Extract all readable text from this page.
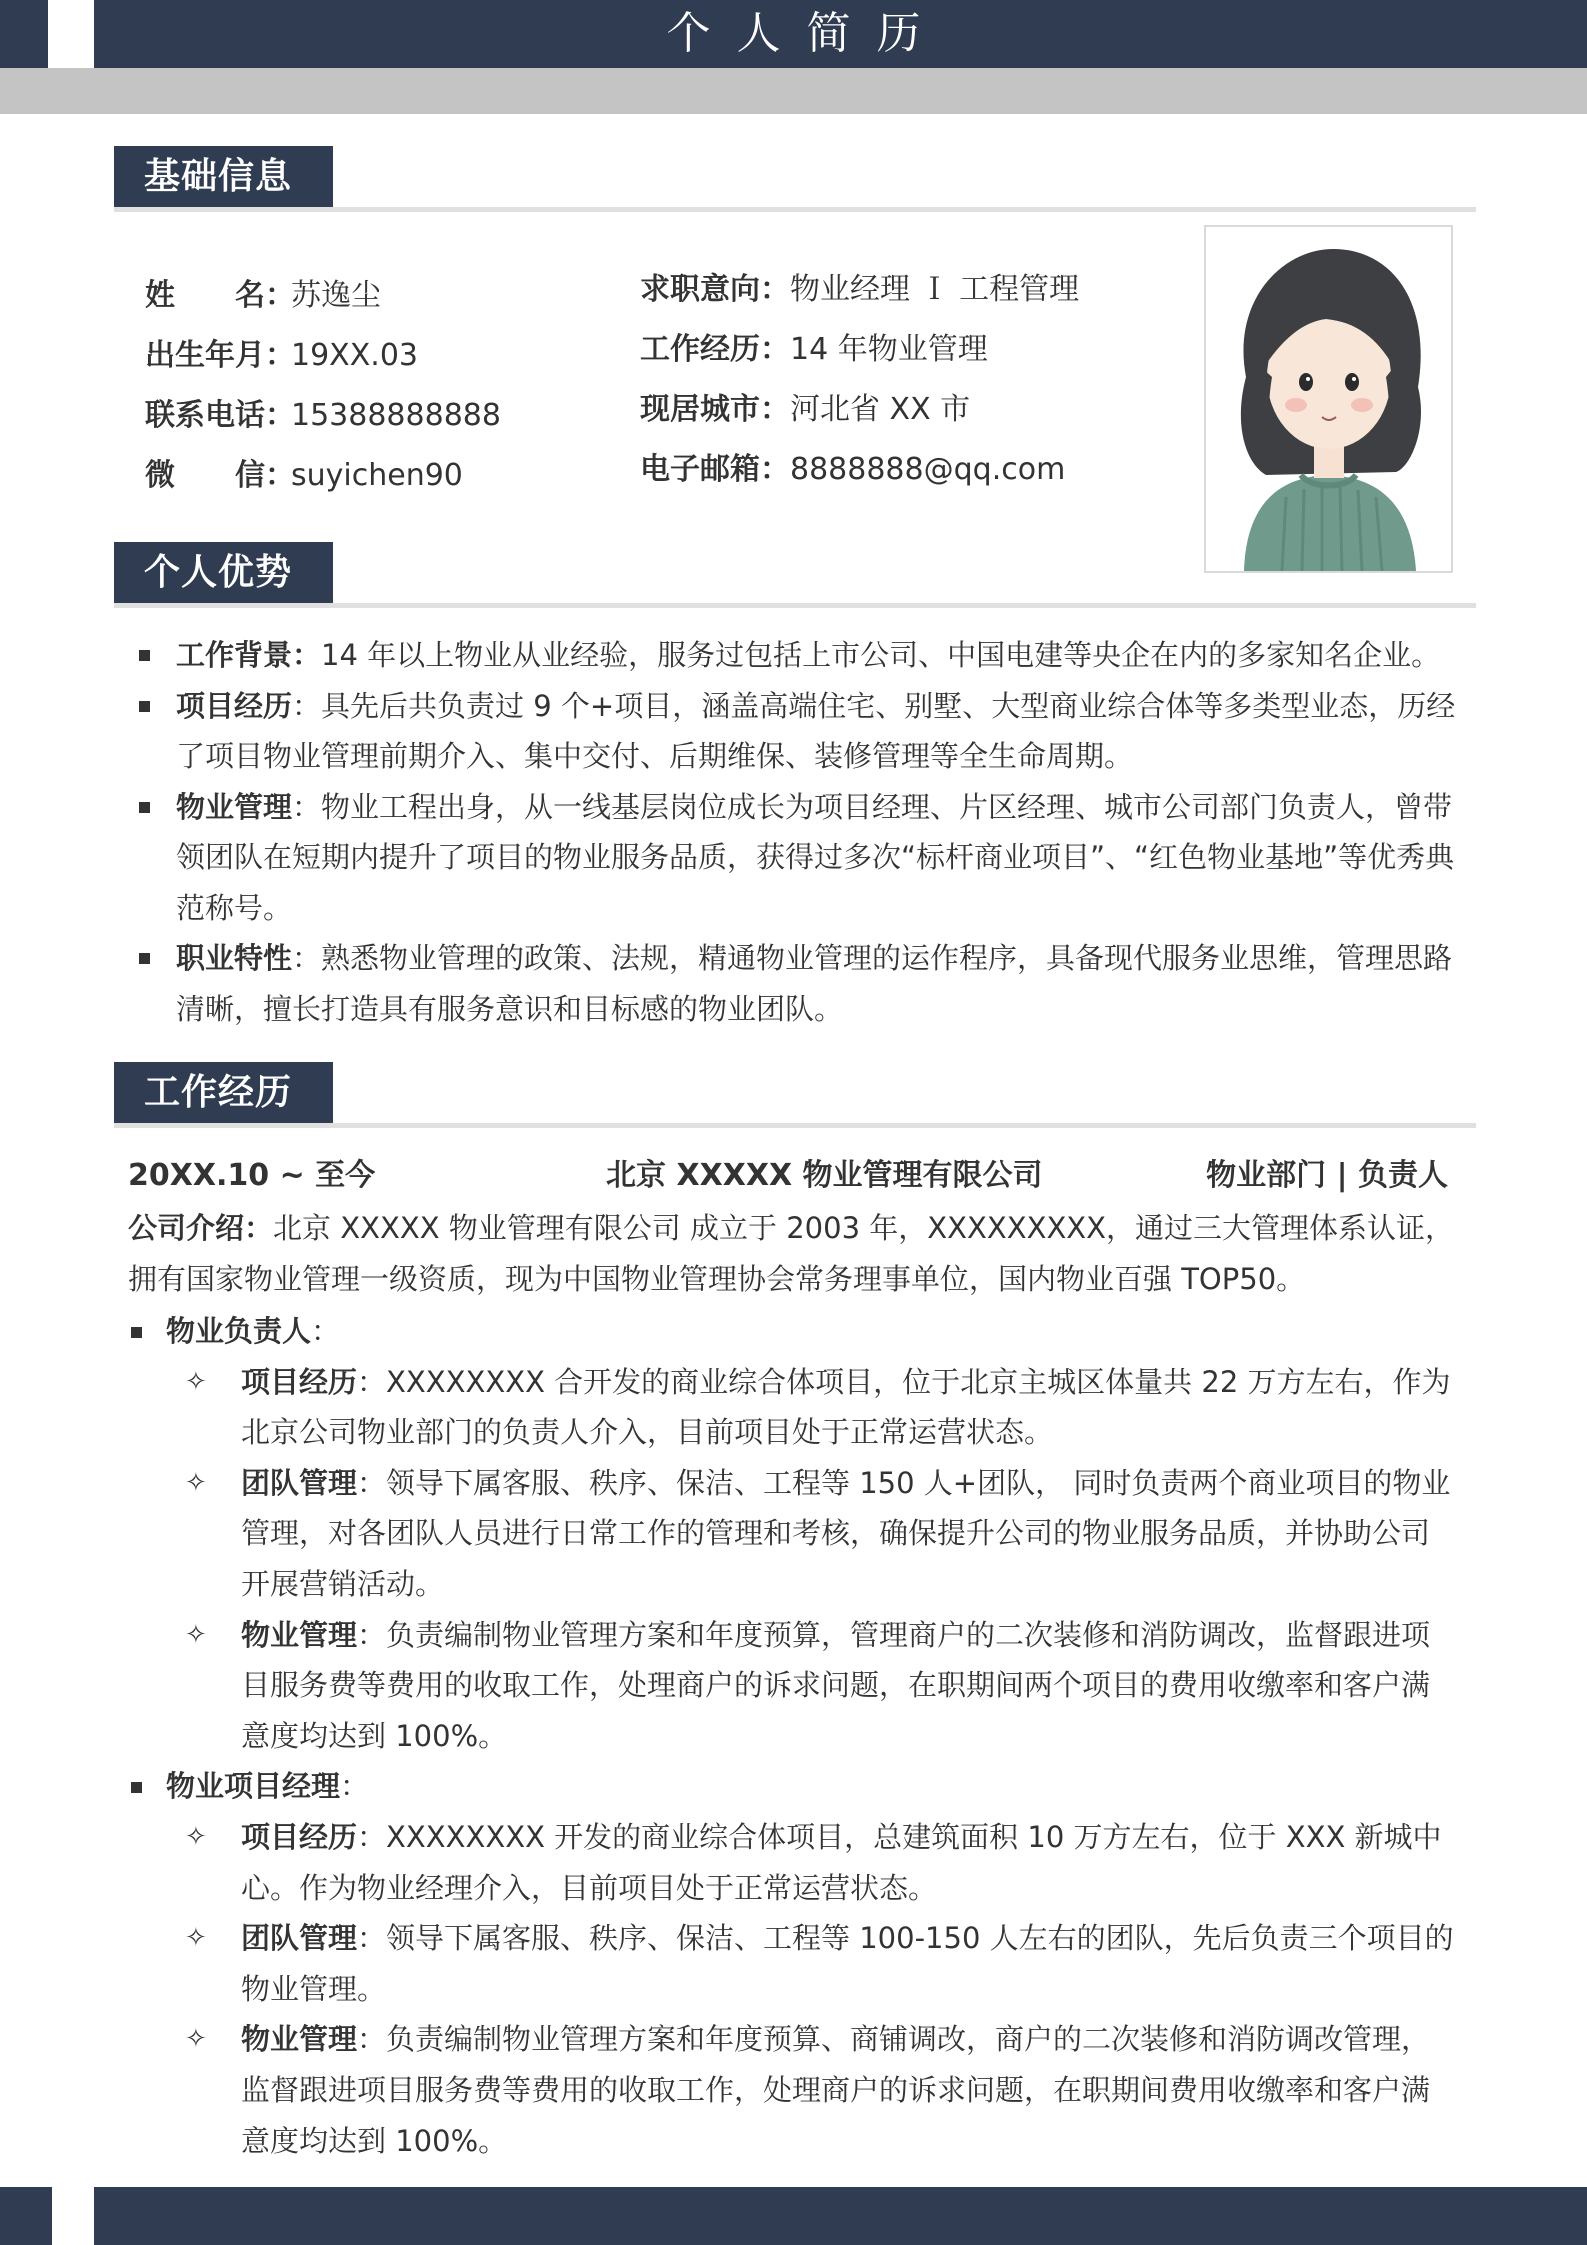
个人简历
基础信息
姓　　名：苏逸尘
出生年月：19XX.03
联系电话：15388888888
微　　信：suyichen90
求职意向：物业经理 Ｉ 工程管理
工作经历：14 年物业管理
现居城市：河北省 XX 市
电子邮箱：8888888@qq.com
个人优势
工作背景：14 年以上物业从业经验，服务过包括上市公司、中国电建等央企在内的多家知名企业。
项目经历：具先后共负责过 9 个+项目，涵盖高端住宅、别墅、大型商业综合体等多类型业态，历经了项目物业管理前期介入、集中交付、后期维保、装修管理等全生命周期。
物业管理：物业工程出身，从一线基层岗位成长为项目经理、片区经理、城市公司部门负责人，曾带领团队在短期内提升了项目的物业服务品质，获得过多次“标杆商业项目”、“红色物业基地”等优秀典范称号。
职业特性：熟悉物业管理的政策、法规，精通物业管理的运作程序，具备现代服务业思维，管理思路清晰，擅长打造具有服务意识和目标感的物业团队。
工作经历
20XX.10 ~ 至今	北京 XXXXX 物业管理有限公司	物业部门 | 负责人
公司介绍：北京 XXXXX 物业管理有限公司 成立于 2003 年，XXXXXXXXX，通过三大管理体系认证，拥有国家物业管理一级资质，现为中国物业管理协会常务理事单位，国内物业百强 TOP50。
物业负责人：
✧ 项目经历：XXXXXXXX 合开发的商业综合体项目，位于北京主城区体量共 22 万方左右，作为北京公司物业部门的负责人介入，目前项目处于正常运营状态。
✧ 团队管理：领导下属客服、秩序、保洁、工程等 150 人+团队， 同时负责两个商业项目的物业管理，对各团队人员进行日常工作的管理和考核，确保提升公司的物业服务品质，并协助公司开展营销活动。
✧ 物业管理：负责编制物业管理方案和年度预算，管理商户的二次装修和消防调改，监督跟进项目服务费等费用的收取工作，处理商户的诉求问题，在职期间两个项目的费用收缴率和客户满意度均达到 100%。
物业项目经理：
✧ 项目经历：XXXXXXXX 开发的商业综合体项目，总建筑面积 10 万方左右，位于 XXX 新城中心。作为物业经理介入，目前项目处于正常运营状态。
✧ 团队管理：领导下属客服、秩序、保洁、工程等 100-150 人左右的团队，先后负责三个项目的物业管理。
✧ 物业管理：负责编制物业管理方案和年度预算、商铺调改，商户的二次装修和消防调改管理，监督跟进项目服务费等费用的收取工作，处理商户的诉求问题，在职期间费用收缴率和客户满意度均达到 100%。
